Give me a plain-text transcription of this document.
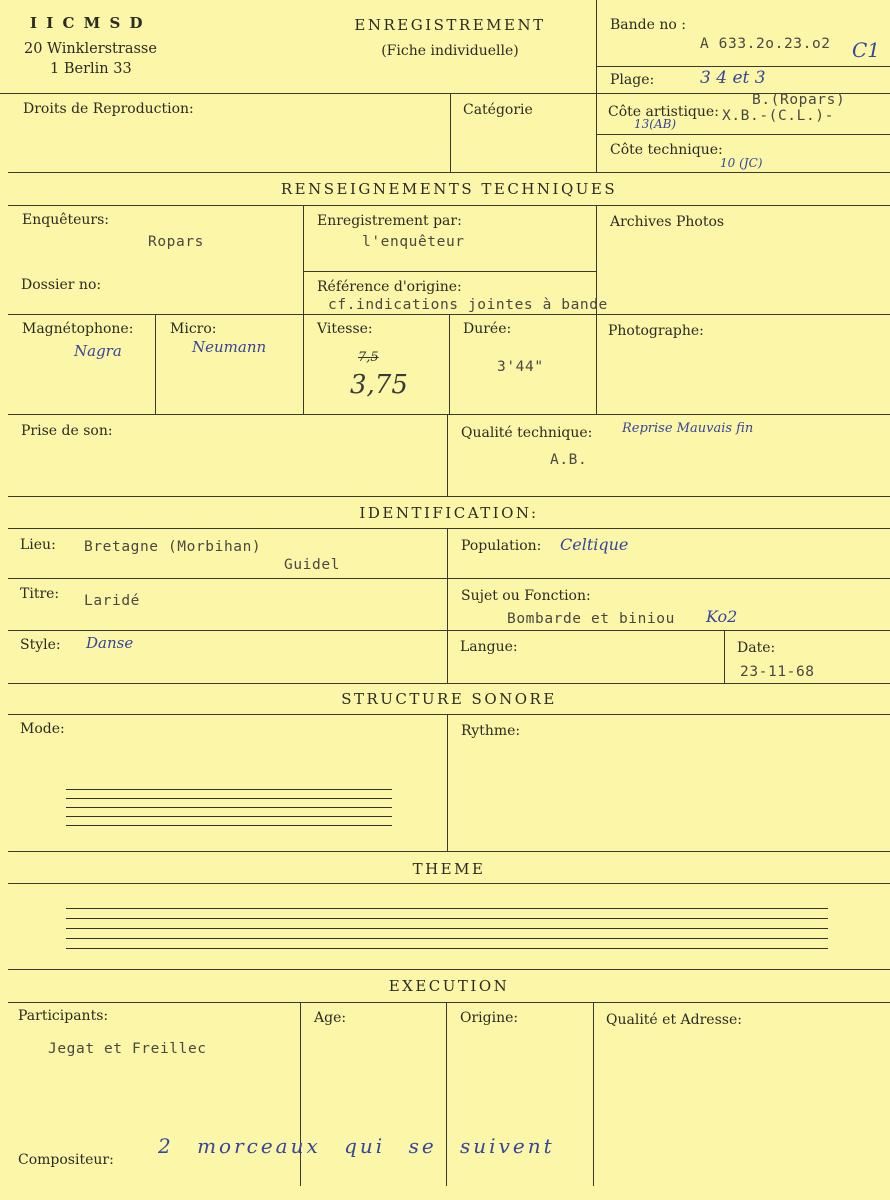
I I C M S D
20 Winklerstrasse
1 Berlin 33
ENREGISTREMENT
(Fiche individuelle)
Bande no :
A 633.2o.23.o2 C1
Plage:	3 4 et 3
B.(Ropars)
Côte artistique: X.B.-(C.L.)-
13(AB)
Côte technique:
10 (JC)
Droits de Reproduction:	Catégorie
RENSEIGNEMENTS TECHNIQUES
Enquêteurs:
Ropars
Enregistrement par:
l'enquêteur
Archives Photos
Dossier no:	Référence d'origine:
cf.indications jointes à bande
Magnétophone:
Nagra
Micro:
Neumann
Vitesse:
7,5
3,75
Durée:
3'44"
Photographe:
Prise de son:	Qualité technique: Reprise Mauvais fin
A.B.
IDENTIFICATION:
Lieu: Bretagne (Morbihan)
Guidel
Population: Celtique
Titre: Laridé	Sujet ou Fonction:
Bombarde et biniou Ko2
Style: Danse	Langue:	Date:
23-11-68
STRUCTURE SONORE
Mode:	Rythme:
THEME
EXECUTION
Participants:
Jegat et Freillec
Age:	Origine:	Qualité et Adresse:
Compositeur:
2 morceaux qui se suivent
